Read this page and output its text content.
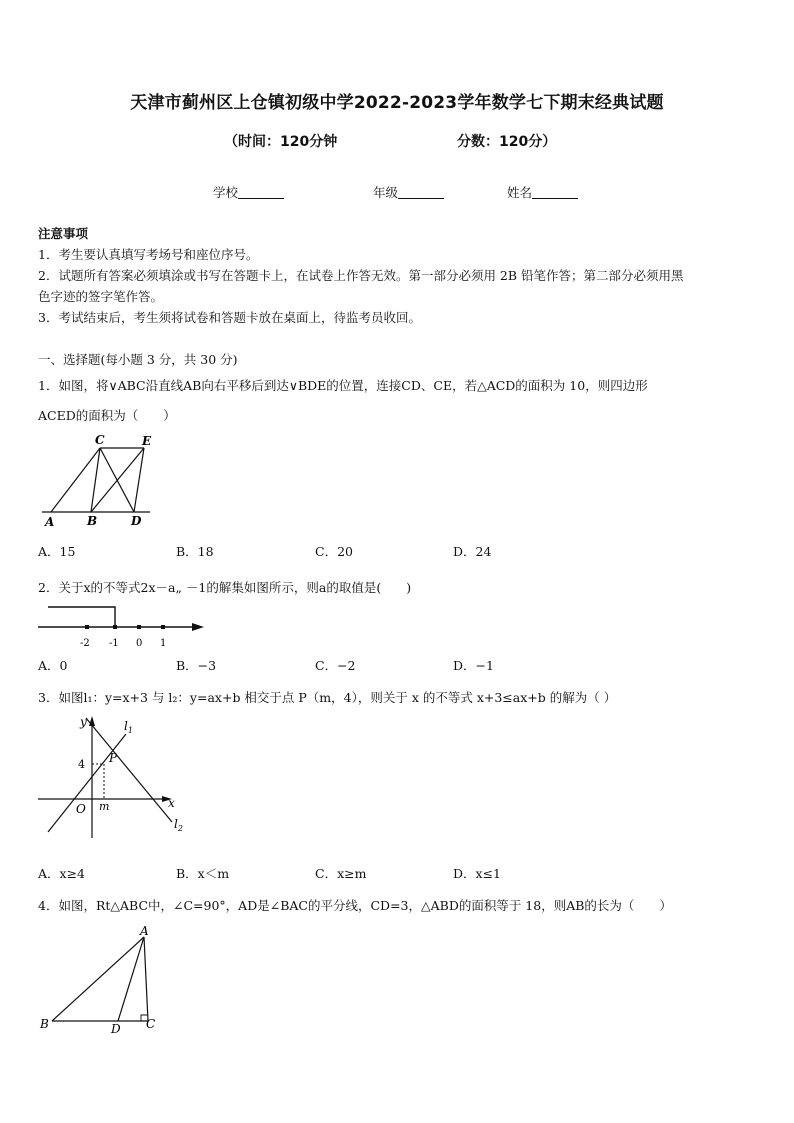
天津市蓟州区上仓镇初级中学2022-2023学年数学七下期末经典试题
（时间：120分钟	分数：120分）
学校	年级	姓名
注意事项
1．考生要认真填写考场号和座位序号。
2．试题所有答案必须填涂或书写在答题卡上，在试卷上作答无效。第一部分必须用 2B 铅笔作答；第二部分必须用黑
色字迹的签字笔作答。
3．考试结束后，考生须将试卷和答题卡放在桌面上，待监考员收回。
一、选择题(每小题 3 分，共 30 分)
1．如图，将∨ABC沿直线AB向右平移后到达∨BDE的位置，连接CD、CE，若△ACD的面积为 10，则四边形
ACED的面积为（　　）
C	E
A	B	D
A．15	B．18	C．20	D．24
2．关于x的不等式2x－a„ －1的解集如图所示，则a的取值是(　　)
-2 -1 0 1
A．0	B．−3	C．−2	D．−1
3．如图l₁：y=x+3 与 l₂：y=ax+b 相交于点 P（m，4），则关于 x 的不等式 x+3≤ax+b 的解为（ ）
y
x
$l_1$
$l_2$
P
4
O m
A．x≥4	B．x＜m	C．x≥m	D．x≤1
4．如图，Rt△ABC中，∠C=90°，AD是∠BAC的平分线，CD=3，△ABD的面积等于 18，则AB的长为（　　）
A
B	D C
